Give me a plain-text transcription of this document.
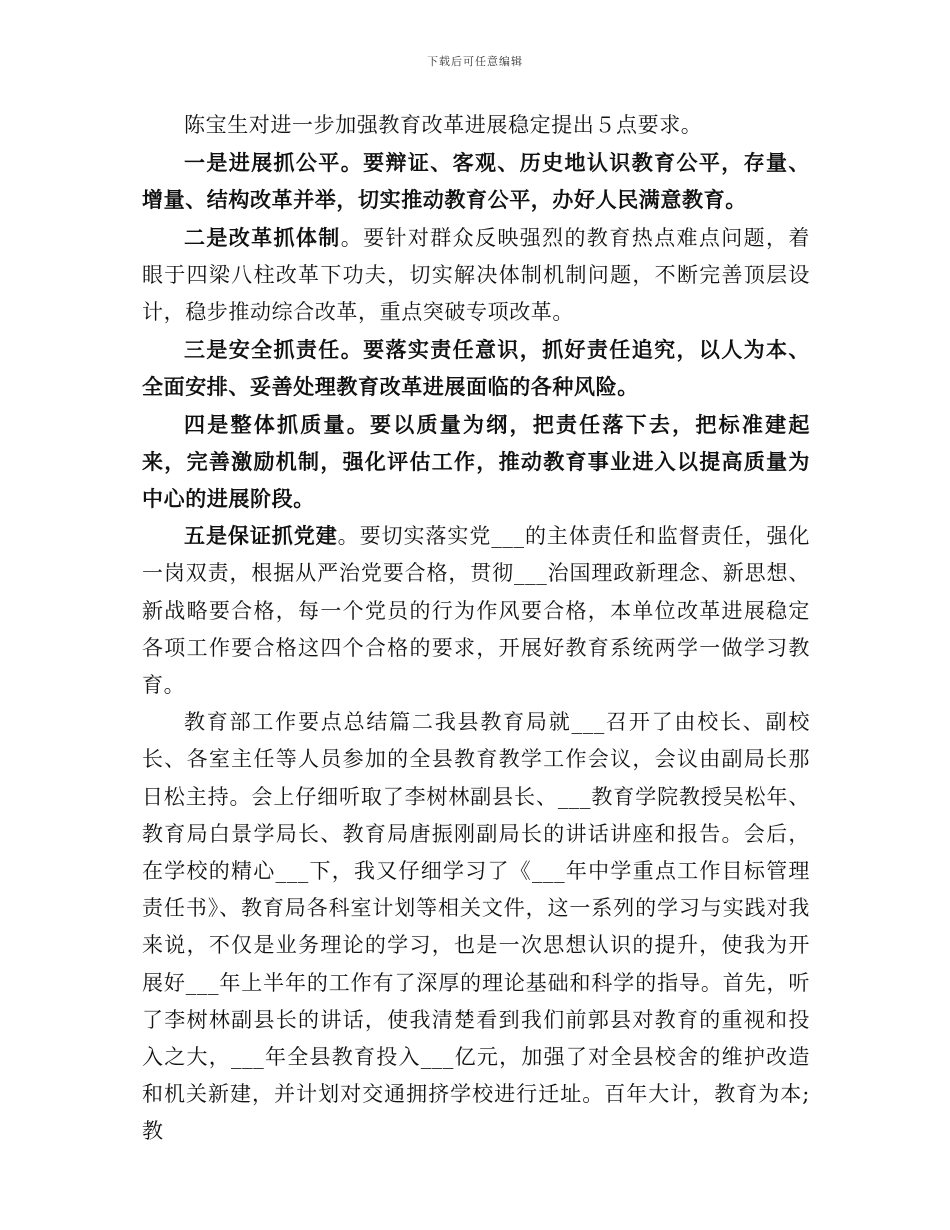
下载后可任意编辑

陈宝生对进一步加强教育改革进展稳定提出５点要求。

一是进展抓公平。要辩证、客观、历史地认识教育公平，存量、增量、结构改革并举，切实推动教育公平，办好人民满意教育。

二是改革抓体制。要针对群众反映强烈的教育热点难点问题，着眼于四梁八柱改革下功夫，切实解决体制机制问题，不断完善顶层设计，稳步推动综合改革，重点突破专项改革。

三是安全抓责任。要落实责任意识，抓好责任追究，以人为本、全面安排、妥善处理教育改革进展面临的各种风险。

四是整体抓质量。要以质量为纲，把责任落下去，把标准建起来，完善激励机制，强化评估工作，推动教育事业进入以提高质量为中心的进展阶段。

五是保证抓党建。要切实落实党___的主体责任和监督责任，强化一岗双责，根据从严治党要合格，贯彻___治国理政新理念、新思想、新战略要合格，每一个党员的行为作风要合格，本单位改革进展稳定各项工作要合格这四个合格的要求，开展好教育系统两学一做学习教育。

教育部工作要点总结篇二我县教育局就___召开了由校长、副校长、各室主任等人员参加的全县教育教学工作会议，会议由副局长那日松主持。会上仔细听取了李树林副县长、___教育学院教授吴松年、教育局白景学局长、教育局唐振刚副局长的讲话讲座和报告。会后，在学校的精心___下，我又仔细学习了《___年中学重点工作目标管理责任书》、教育局各科室计划等相关文件，这一系列的学习与实践对我来说，不仅是业务理论的学习，也是一次思想认识的提升，使我为开展好___年上半年的工作有了深厚的理论基础和科学的指导。首先，听了李树林副县长的讲话，使我清楚看到我们前郭县对教育的重视和投入之大，___年全县教育投入___亿元，加强了对全县校舍的维护改造和机关新建，并计划对交通拥挤学校进行迁址。百年大计，教育为本;教
